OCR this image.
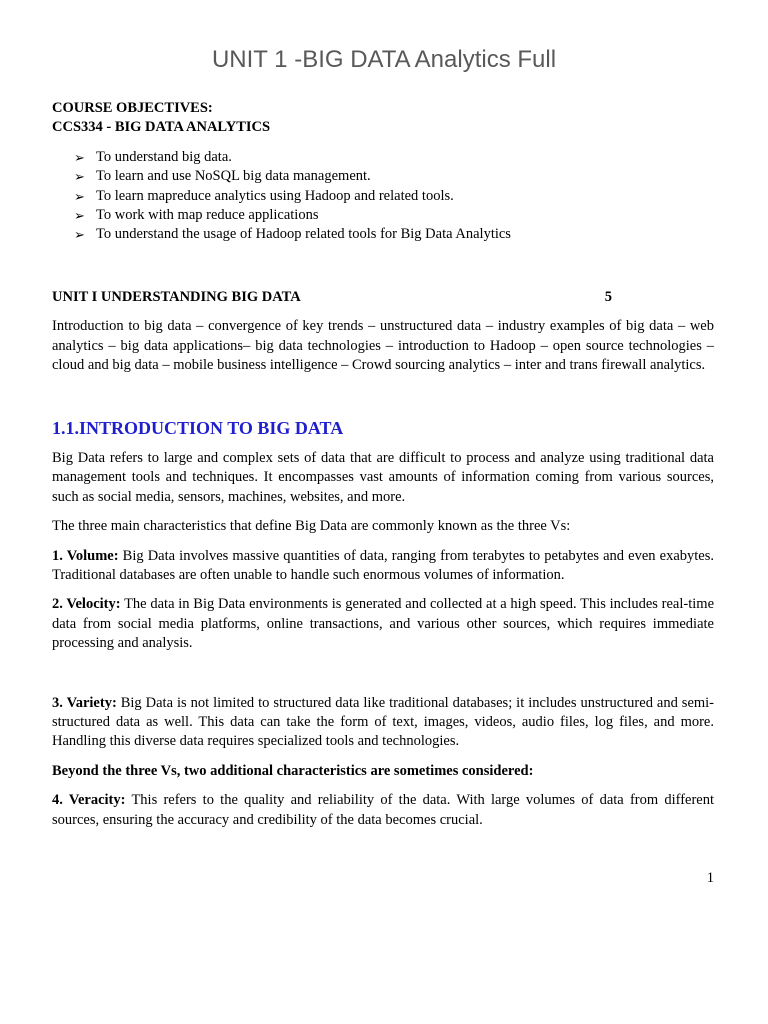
UNIT 1 -BIG DATA Analytics Full

COURSE OBJECTIVES:

CCS334 - BIG DATA ANALYTICS

➢ To understand big data.
➢ To learn and use NoSQL big data management.
➢ To learn mapreduce analytics using Hadoop and related tools.
➢ To work with map reduce applications
➢ To understand the usage of Hadoop related tools for Big Data Analytics
UNIT I UNDERSTANDING BIG DATA	5

Introduction to big data – convergence of key trends – unstructured data – industry examples of big data – web analytics – big data applications– big data technologies – introduction to Hadoop – open source technologies – cloud and big data – mobile business intelligence – Crowd sourcing analytics – inter and trans firewall analytics.

1.1.INTRODUCTION TO BIG DATA

Big Data refers to large and complex sets of data that are difficult to process and analyze using traditional data management tools and techniques. It encompasses vast amounts of information coming from various sources, such as social media, sensors, machines, websites, and more.

The three main characteristics that define Big Data are commonly known as the three Vs:

1. Volume: Big Data involves massive quantities of data, ranging from terabytes to petabytes and even exabytes. Traditional databases are often unable to handle such enormous volumes of information.

2. Velocity: The data in Big Data environments is generated and collected at a high speed. This includes real-time data from social media platforms, online transactions, and various other sources, which requires immediate processing and analysis.

3. Variety: Big Data is not limited to structured data like traditional databases; it includes unstructured and semi-structured data as well. This data can take the form of text, images, videos, audio files, log files, and more. Handling this diverse data requires specialized tools and technologies.

Beyond the three Vs, two additional characteristics are sometimes considered:

4. Veracity: This refers to the quality and reliability of the data. With large volumes of data from different sources, ensuring the accuracy and credibility of the data becomes crucial.

1
